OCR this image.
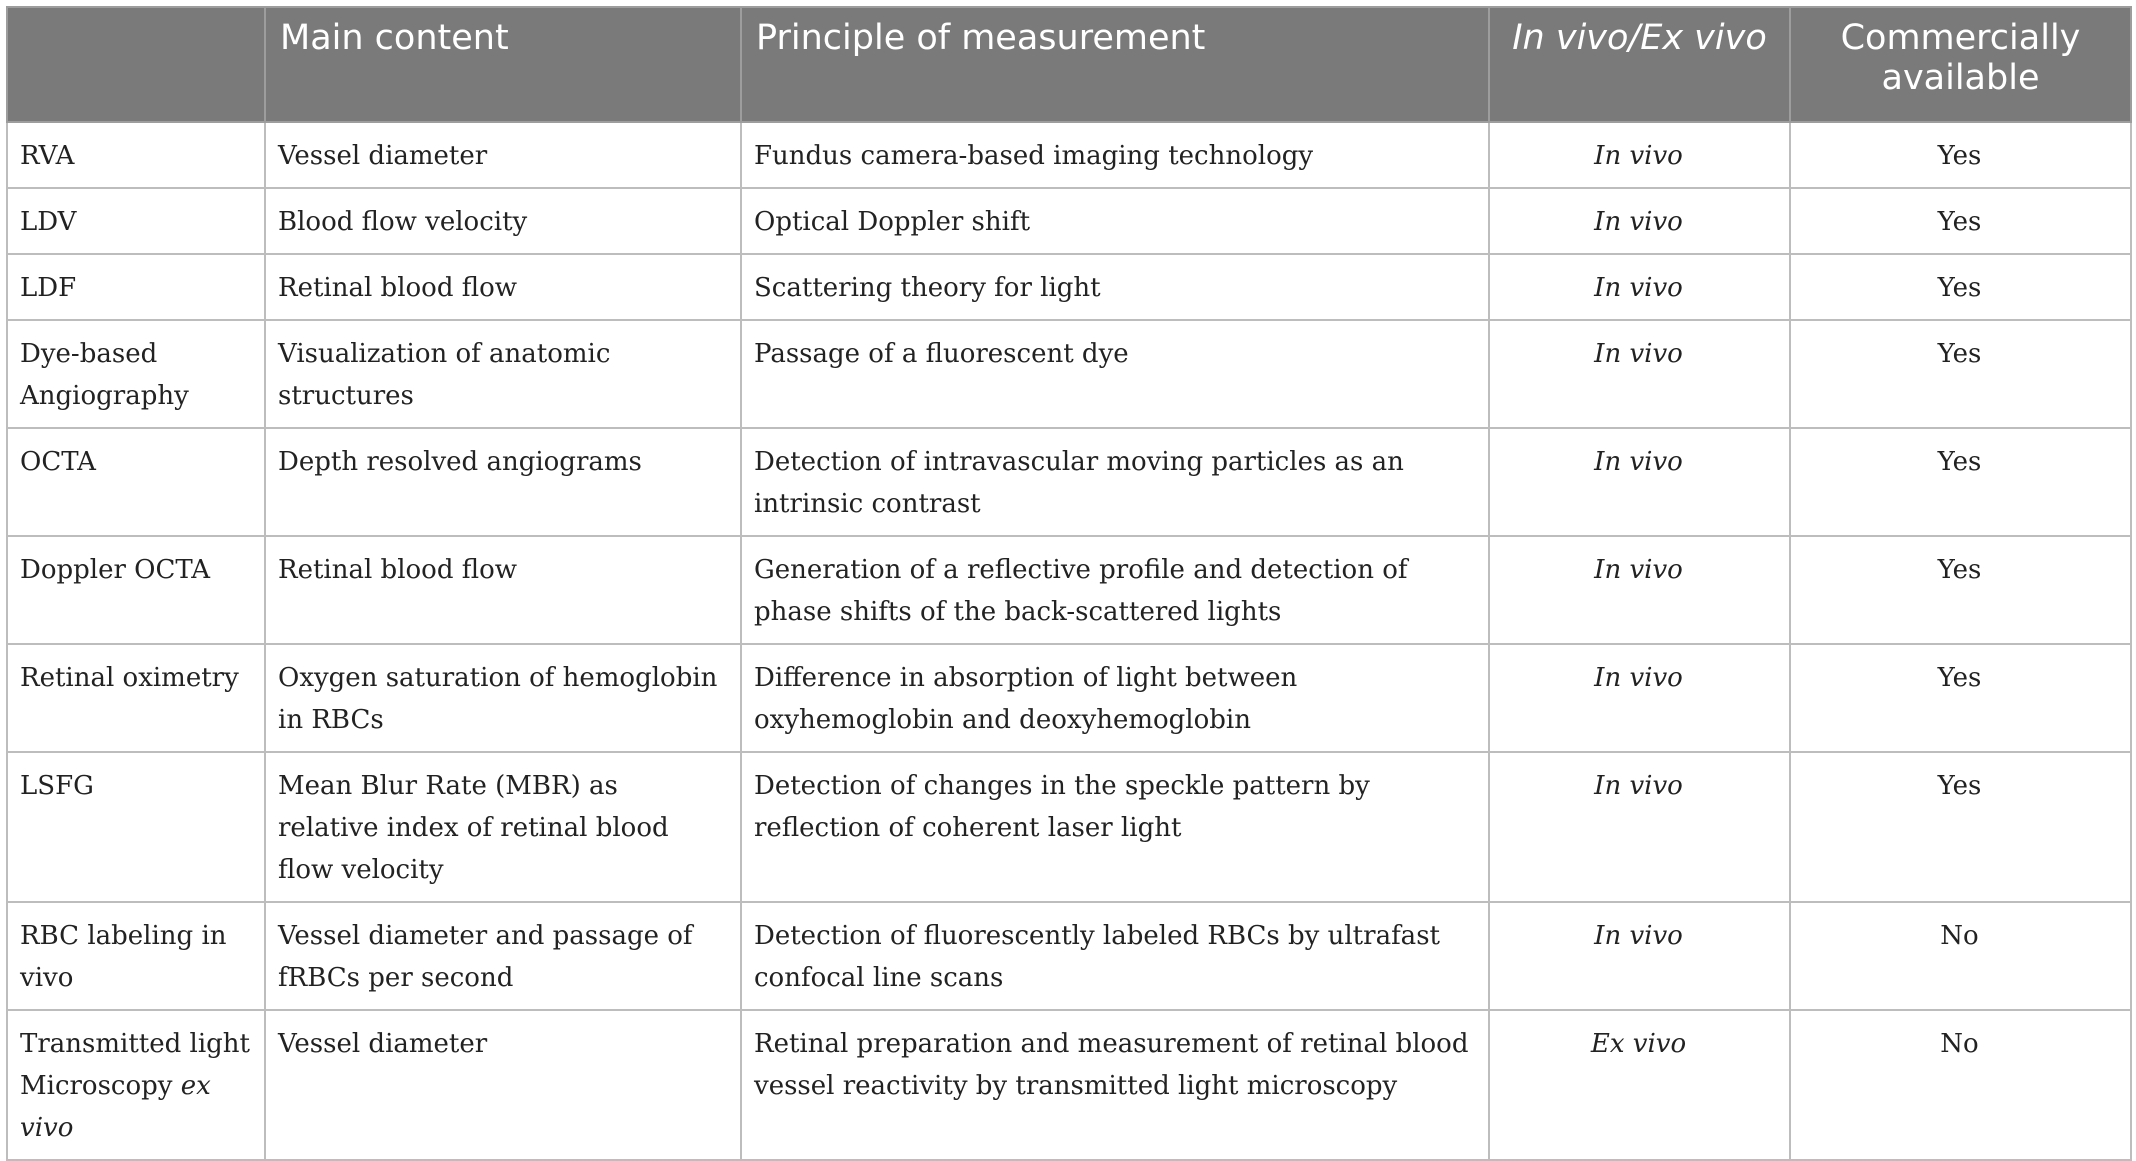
	Main content	Principle of measurement	In vivo/Ex vivo	Commercially available
RVA	Vessel diameter	Fundus camera-based imaging technology	In vivo	Yes
LDV	Blood flow velocity	Optical Doppler shift	In vivo	Yes
LDF	Retinal blood flow	Scattering theory for light	In vivo	Yes
Dye-based Angiography	Visualization of anatomic structures	Passage of a fluorescent dye	In vivo	Yes
OCTA	Depth resolved angiograms	Detection of intravascular moving particles as an intrinsic contrast	In vivo	Yes
Doppler OCTA	Retinal blood flow	Generation of a reflective profile and detection of phase shifts of the back-scattered lights	In vivo	Yes
Retinal oximetry	Oxygen saturation of hemoglobin in RBCs	Difference in absorption of light between oxyhemoglobin and deoxyhemoglobin	In vivo	Yes
LSFG	Mean Blur Rate (MBR) as relative index of retinal blood flow velocity	Detection of changes in the speckle pattern by reflection of coherent laser light	In vivo	Yes
RBC labeling in vivo	Vessel diameter and passage of fRBCs per second	Detection of fluorescently labeled RBCs by ultrafast confocal line scans	In vivo	No
Transmitted light Microscopy ex vivo	Vessel diameter	Retinal preparation and measurement of retinal blood vessel reactivity by transmitted light microscopy	Ex vivo	No
